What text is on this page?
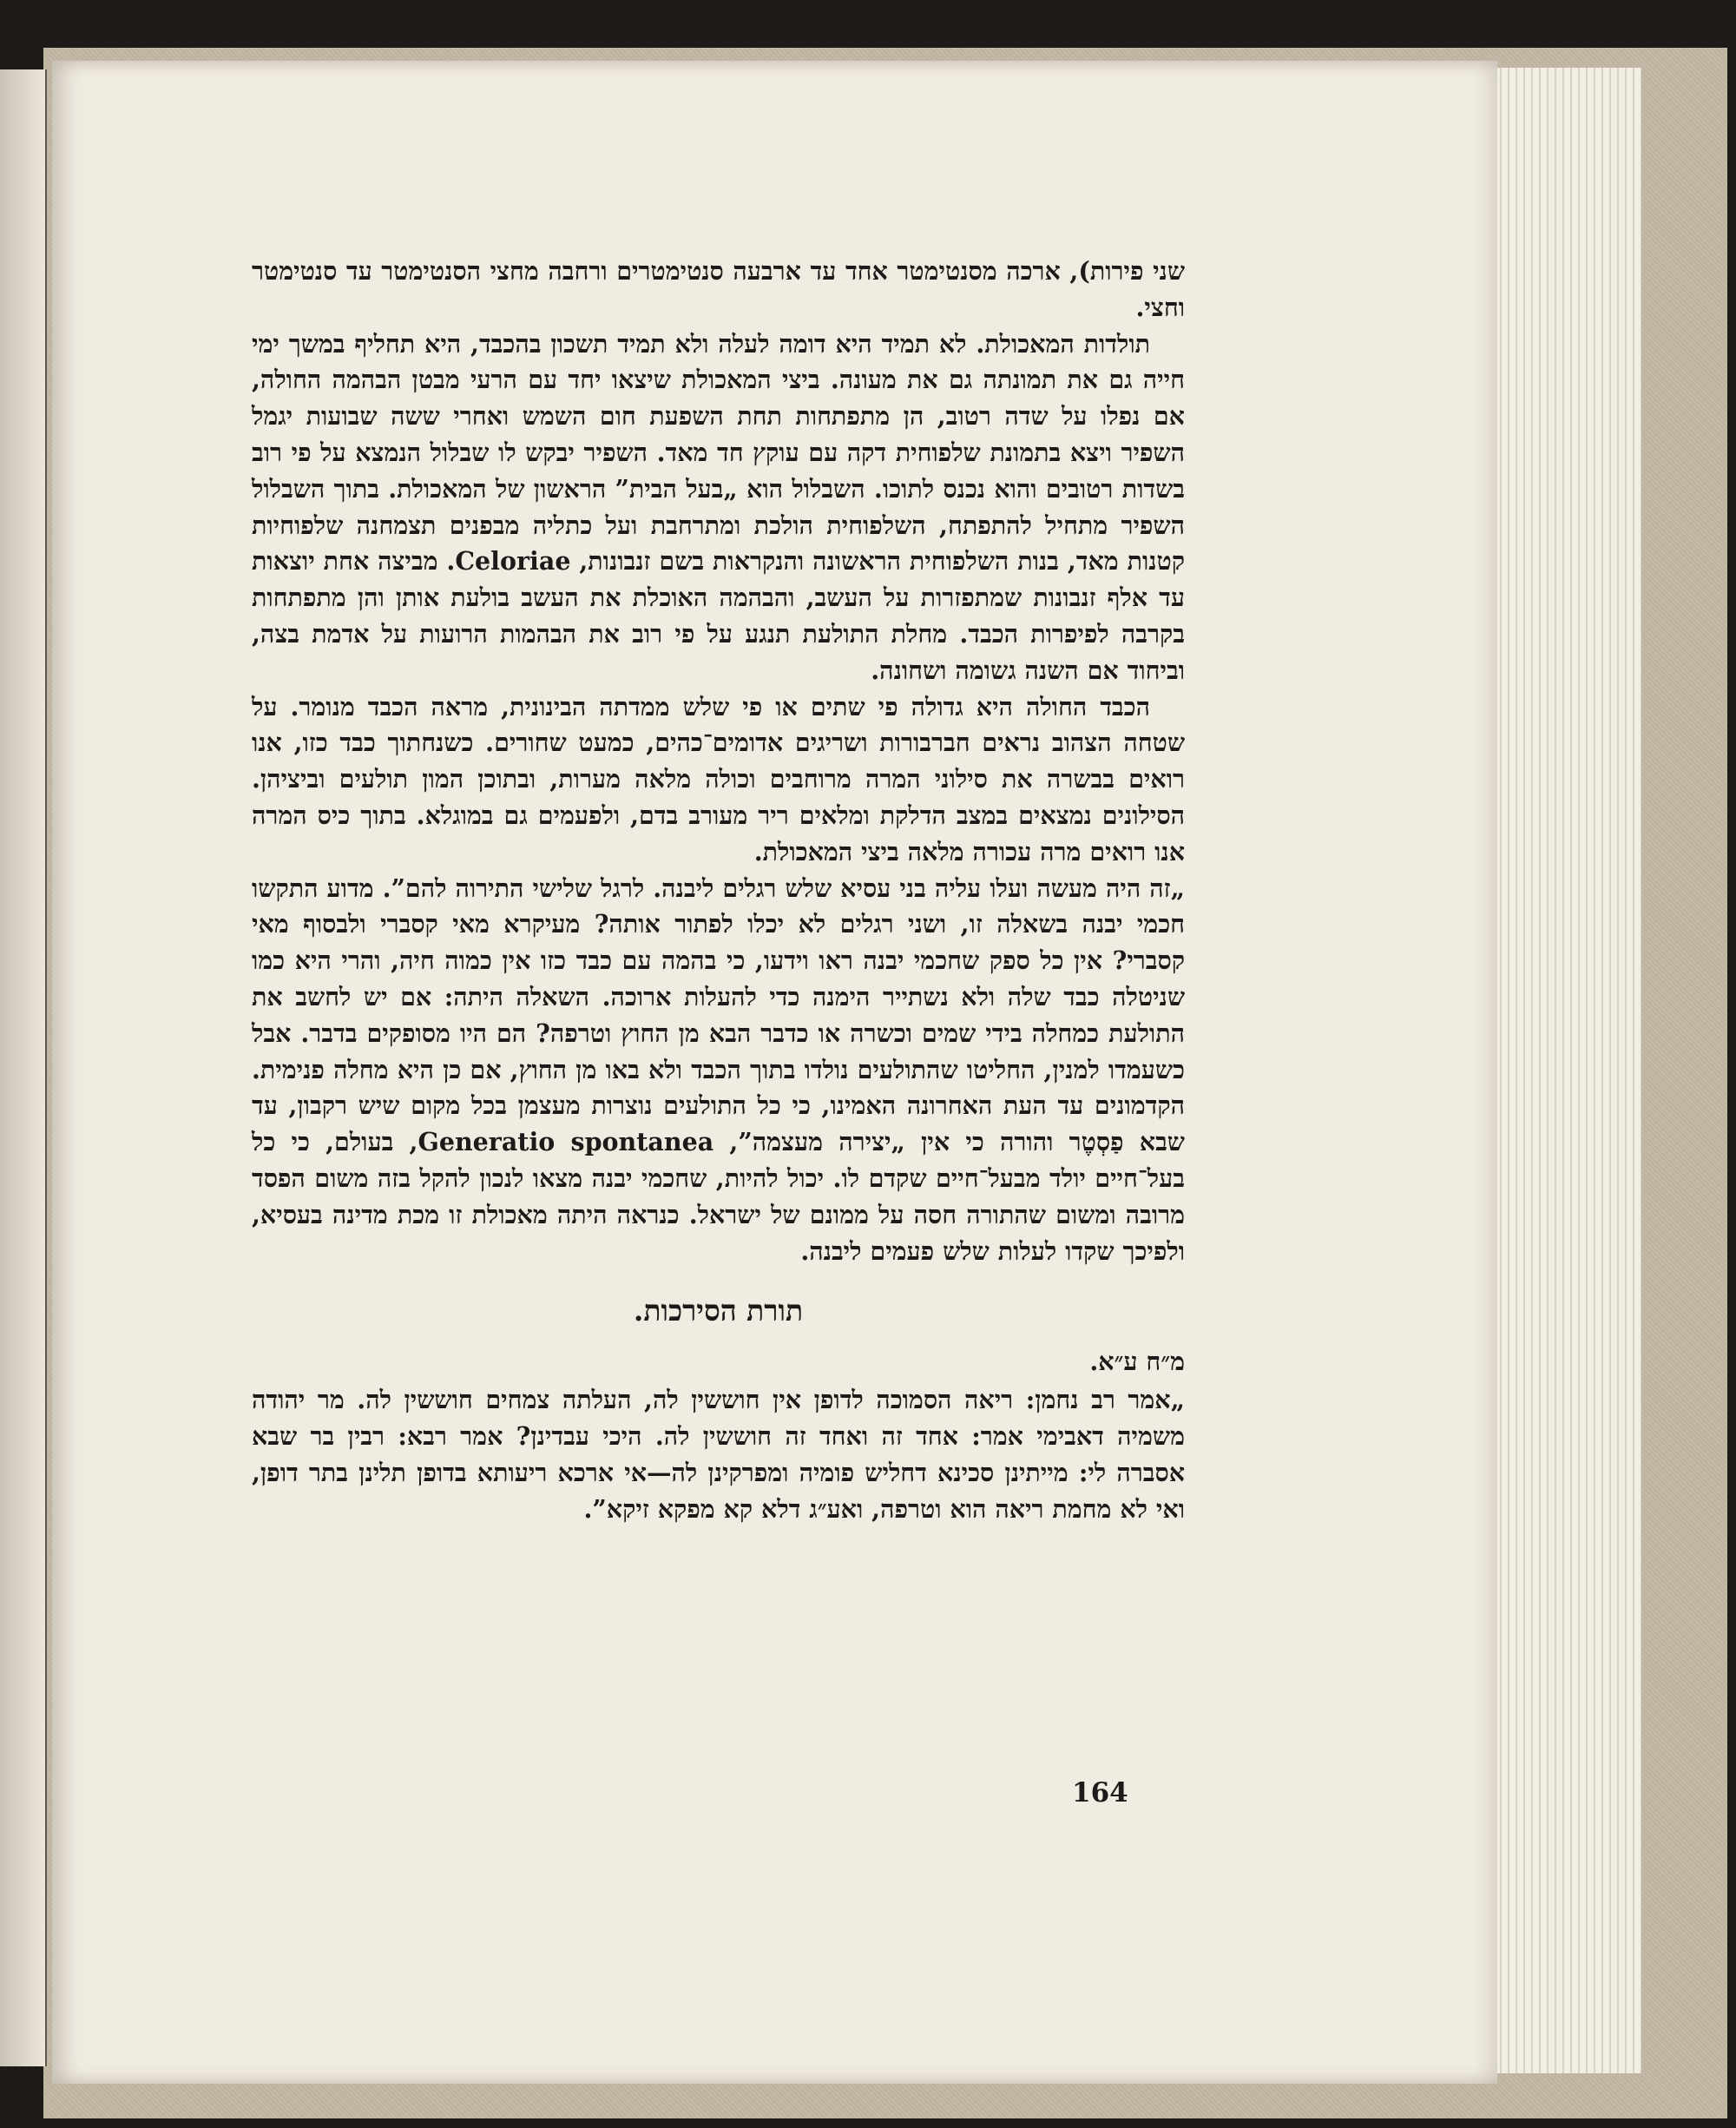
שני פירות), ארכה מסנטימטר אחד עד ארבעה סנטימטרים ורחבה מחצי הסנטימטר עד סנטימטר וחצי.

תולדות המאכולת. לא תמיד היא דומה לעלה ולא תמיד תשכון בהכבד, היא תחליף במשך ימי חייה גם את תמונתה גם את מעונה. ביצי המאכולת שיצאו יחד עם הרעי מבטן הבהמה החולה, אם נפלו על שדה רטוב, הן מתפתחות תחת השפעת חום השמש ואחרי ששה שבועות יגמל השפיר ויצא בתמונת שלפוחית דקה עם עוקץ חד מאד. השפיר יבקש לו שבלול הנמצא על פי רוב בשדות רטובים והוא נכנס לתוכו. השבלול הוא „בעל הבית” הראשון של המאכולת. בתוך השבלול השפיר מתחיל להתפתח, השלפוחית הולכת ומתרחבת ועל כתליה מבפנים תצמחנה שלפוחיות קטנות מאד, בנות השלפוחית הראשונה והנקראות בשם זנבונות, Celoriae. מביצה אחת יוצאות עד אלף זנבונות שמתפזרות על העשב, והבהמה האוכלת את העשב בולעת אותן והן מתפתחות בקרבה לפיפרות הכבד. מחלת התולעת תנגע על פי רוב את הבהמות הרועות על אדמת בצה, וביחוד אם השנה גשומה ושחונה.

הכבד החולה היא גדולה פי שתים או פי שלש ממדתה הבינונית, מראה הכבד מנומר. על שטחה הצהוב נראים חברבורות ושריגים אדומים־כהים, כמעט שחורים. כשנחתוך כבד כזו, אנו רואים בבשרה את סילוני המרה מרוחבים וכולה מלאה מערות, ובתוכן המון תולעים וביציהן. הסילונים נמצאים במצב הדלקת ומלאים ריר מעורב בדם, ולפעמים גם במוגלא. בתוך כיס המרה אנו רואים מרה עכורה מלאה ביצי המאכולת.

„זה היה מעשה ועלו עליה בני עסיא שלש רגלים ליבנה. לרגל שלישי התירוה להם”. מדוע התקשו חכמי יבנה בשאלה זו, ושני רגלים לא יכלו לפתור אותה? מעיקרא מאי קסברי ולבסוף מאי קסברי? אין כל ספק שחכמי יבנה ראו וידעו, כי בהמה עם כבד כזו אין כמוה חיה, והרי היא כמו שניטלה כבד שלה ולא נשתייר הימנה כדי להעלות ארוכה. השאלה היתה: אם יש לחשב את התולעת כמחלה בידי שמים וכשרה או כדבר הבא מן החוץ וטרפה? הם היו מסופקים בדבר. אבל כשעמדו למנין, החליטו שהתולעים נולדו בתוך הכבד ולא באו מן החוץ, אם כן היא מחלה פנימית. הקדמונים עד העת האחרונה האמינו, כי כל התולעים נוצרות מעצמן בכל מקום שיש רקבון, עד שבא פַסְטֶר והורה כי אין „יצירה מעצמה”, Generatio spontanea, בעולם, כי כל בעל־חיים יולד מבעל־חיים שקדם לו. יכול להיות, שחכמי יבנה מצאו לנכון להקל בזה משום הפסד מרובה ומשום שהתורה חסה על ממונם של ישראל. כנראה היתה מאכולת זו מכת מדינה בעסיא, ולפיכך שקדו לעלות שלש פעמים ליבנה.

תורת הסירכות.

מ״ח ע״א.

„אמר רב נחמן: ריאה הסמוכה לדופן אין חוששין לה, העלתה צמחים חוששין לה. מר יהודה משמיה דאבימי אמר: אחד זה ואחד זה חוששין לה. היכי עבדינן? אמר רבא: רבין בר שבא אסברה לי: מייתינן סכינא דחליש פומיה ומפרקינן לה—אי ארכא ריעותא בדופן תלינן בתר דופן, ואי לא מחמת ריאה הוא וטרפה, ואע״ג דלא קא מפקא זיקא”.

164
